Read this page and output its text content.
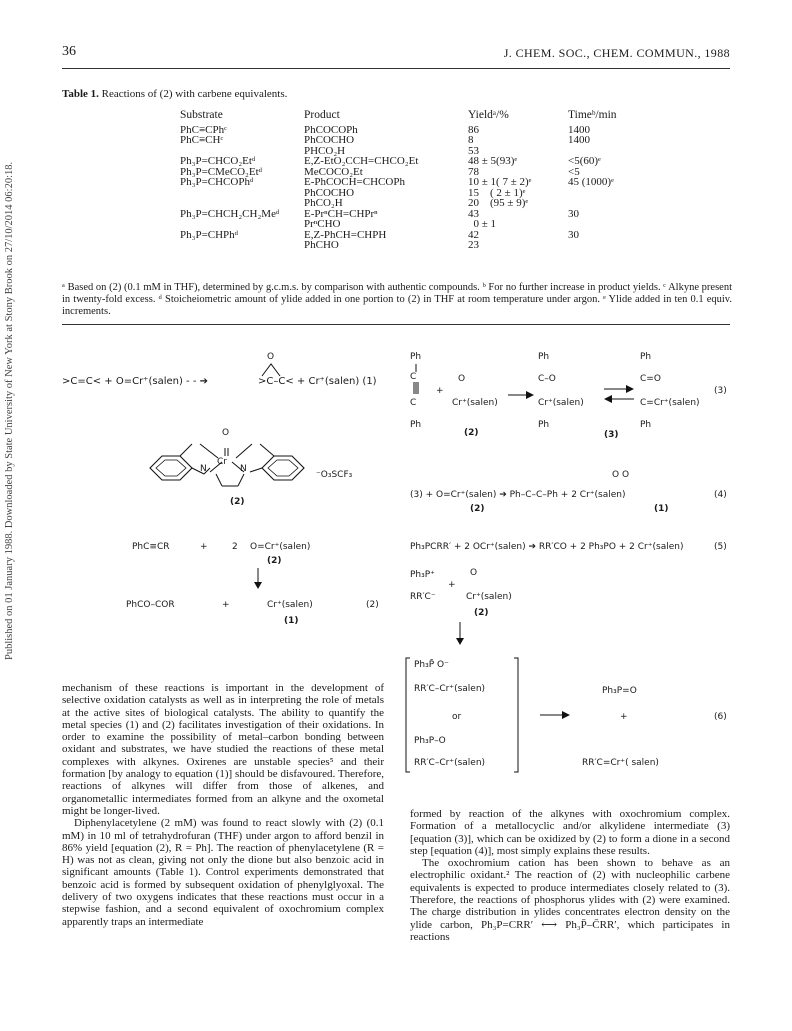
Published on 01 January 1988. Downloaded by State University of New York at Stony Brook on 27/10/2014 06:20:18.
36	J. CHEM. SOC., CHEM. COMMUN., 1988
Table 1. Reactions of (2) with carbene equivalents.
Substrate	Product	Yieldᵃ/%	Timeᵇ/min
PhC≡CPhᶜ	PhCOCOPh	86	1400
PhC≡CHᶜ	PhCOCHO	8	1400
	PHCO₂H	53	
Ph₃P=CHCO₂Etᵈ	E,Z-EtO₂CCH=CHCO₂Et	48 ± 5(93)ᵉ	<5(60)ᵉ
Ph₃P=CMeCO₂Etᵈ	MeCOCO₂Et	78	<5
Ph₃P=CHCOPhᵈ	E-PhCOCH=CHCOPh	10 ± 1( 7 ± 2)ᵉ	45 (1000)ᵉ
	PhCOCHO	15    ( 2 ± 1)ᵉ	
	PhCO₂H	20    (95 ± 9)ᵉ	
Ph₃P=CHCH₂CH₂Meᵈ	E-PrⁿCH=CHPrⁿ	43	30
	PrⁿCHO	0 ± 1	
Ph₃P=CHPhᵈ	E,Z-PhCH=CHPH	42	30
	PhCHO	23	
ᵃ Based on (2) (0.1 mM in THF), determined by g.c.m.s. by comparison with authentic compounds. ᵇ For no further increase in product yields. ᶜ Alkyne present in twenty-fold excess. ᵈ Stoicheiometric amount of ylide added in one portion to (2) in THF at room temperature under argon. ᵉ Ylide added in ten 0.1 equiv. increments.
>C=C< + O=Cr⁺(salen) - - ➔
O
>C–C< + Cr⁺(salen) (1)
O
Cr
N	N
⁻O₃SCF₃
(2)
PhC≡CR	+	2 O=Cr⁺(salen)
(2)
PhCO–COR	+	Cr⁺(salen)
(1)
(2)
Ph
C
C
Ph
+
O
Cr⁺(salen)
(2)
Ph
C–O
Cr⁺(salen)
Ph
Ph
C=O
C=Cr⁺(salen)
Ph
(3)
(3)
O O
(3) + O=Cr⁺(salen) ➔ Ph–C–C–Ph + 2 Cr⁺(salen)	(4)
(2)	(1)
Ph₃PCRR′ + 2 OCr⁺(salen) ➔ RR′CO + 2 Ph₃PO + 2 Cr⁺(salen)	(5)
Ph₃P⁺
RR′C⁻
+
O
Cr⁺(salen)
(2)
Ph₃P̄ O⁻
RR′C–Cr⁺(salen)
or
Ph₃P–O
RR′C–Cr⁺(salen)
Ph₃P=O
+
RR′C=Cr⁺( salen)
(6)

mechanism of these reactions is important in the development of selective oxidation catalysts as well as in interpreting the role of metals at the active sites of biological catalysts. The ability to quantify the metal species (1) and (2) facilitates investigation of their oxidations. In order to examine the possibility of metal–carbon bonding between oxidant and substrates, we have studied the reactions of these metal complexes with alkynes. Oxirenes are unstable species⁵ and their formation [by analogy to equation (1)] should be disfavoured. Therefore, reactions of alkynes will differ from those of alkenes, and organometallic intermediates formed from an alkyne and the oxometal might be longer-lived.

Diphenylacetylene (2 mM) was found to react slowly with (2) (0.1 mM) in 10 ml of tetrahydrofuran (THF) under argon to afford benzil in 86% yield [equation (2), R = Ph]. The reaction of phenylacetylene (R = H) was not as clean, giving not only the dione but also benzoic acid in significant amounts (Table 1). Control experiments demonstrated that benzoic acid is formed by subsequent oxidation of phenylglyoxal. The delivery of two oxygens indicates that these reactions must occur in a stepwise fashion, and a second equivalent of oxochromium complex apparently traps an intermediate

formed by reaction of the alkynes with oxochromium complex. Formation of a metallocyclic and/or alkylidene intermediate (3) [equation (3)], which can be oxidized by (2) to form a dione in a second step [equation (4)], most simply explains these results.

The oxochromium cation has been shown to behave as an electrophilic oxidant.² The reaction of (2) with nucleophilic carbene equivalents is expected to produce intermediates closely related to (3). Therefore, the reactions of phosphorus ylides with (2) were examined. The charge distribution in ylides concentrates electron density on the ylide carbon, Ph₃P=CRR′ ⟷ Ph₃P̄–C̄RR′, which participates in reactions
